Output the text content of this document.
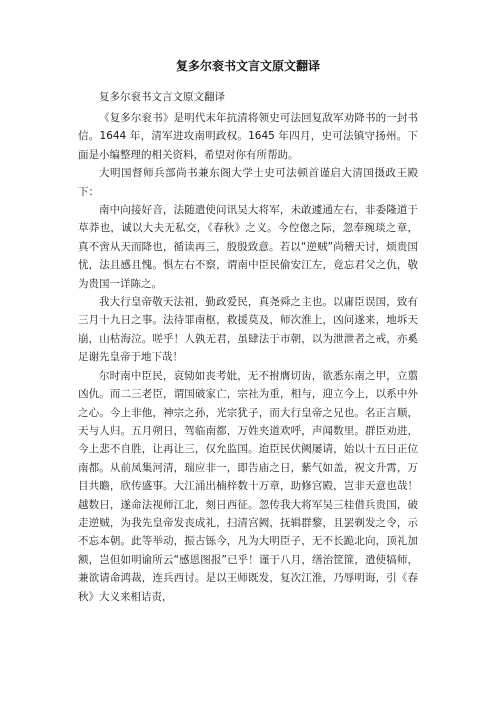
复多尔衮书文言文原文翻译

复多尔衮书文言文原文翻译

《复多尔衮书》是明代末年抗清将领史可法回复敌军劝降书的一封书信。1644 年，清军进攻南明政权。1645 年四月，史可法镇守扬州。下面是小编整理的相关资料，希望对你有所帮助。

大明国督师兵部尚书兼东阁大学士史可法顿首谨启大清国摄政王殿下：

南中向接好音，法随遣使问讯吴大将军，未敢遽通左右，非委隆道于草莽也，诚以大夫无私交，《春秋》之义。今倥偬之际，忽奉琬琰之章，真不啻从天而降也，循读再三，殷殷致意。若以“逆贼”尚稽天讨，烦贵国忧，法且感且愧。惧左右不察，谓南中臣民偷安江左，竟忘君父之仇，敬为贵国一详陈之。

我大行皇帝敬天法祖，勤政爱民，真尧舜之主也。以庸臣误国，致有三月十九日之事。法待罪南枢，救援莫及，师次淮上，凶问遂来，地坼天崩，山枯海泣。嗟乎！人孰无君，虽肆法于市朝，以为泄泄者之戒，亦奚足谢先皇帝于地下哉！

尔时南中臣民，哀恸如丧考妣，无不拊膺切齿，欲悉东南之甲，立翦凶仇。而二三老臣，谓国破家亡，宗社为重，相与，迎立今上，以系中外之心。今上非他，神宗之孙，光宗犹子，而大行皇帝之兄也。名正言顺，天与人归。五月朔日，驾临南都，万姓夹道欢呼，声闻数里。群臣劝进，今上悲不自胜，让再让三，仅允监国。迨臣民伏阙屡请，始以十五日正位南都。从前凤集河清，瑞应非一，即告庙之日，紫气如盖，祝文升霄，万目共瞻，欣传盛事。大江涌出楠梓数十万章，助修宫殿，岂非天意也哉！越数日，遂命法视师江北，刻日西征。忽传我大将军吴三桂借兵贵国，破走逆贼，为我先皇帝发丧成礼，扫清宫阙，抚辑群黎，且罢剃发之令，示不忘本朝。此等举动，振古铄今，凡为大明臣子，无不长跪北向，顶礼加额，岂但如明谕所云“感恩图报”已乎！谨于八月，缮治筐篚，遣使犒师，兼欲请命鸿裁，连兵西讨。是以王师既发，复次江淮，乃辱明诲，引《春秋》大义来相诘责，
